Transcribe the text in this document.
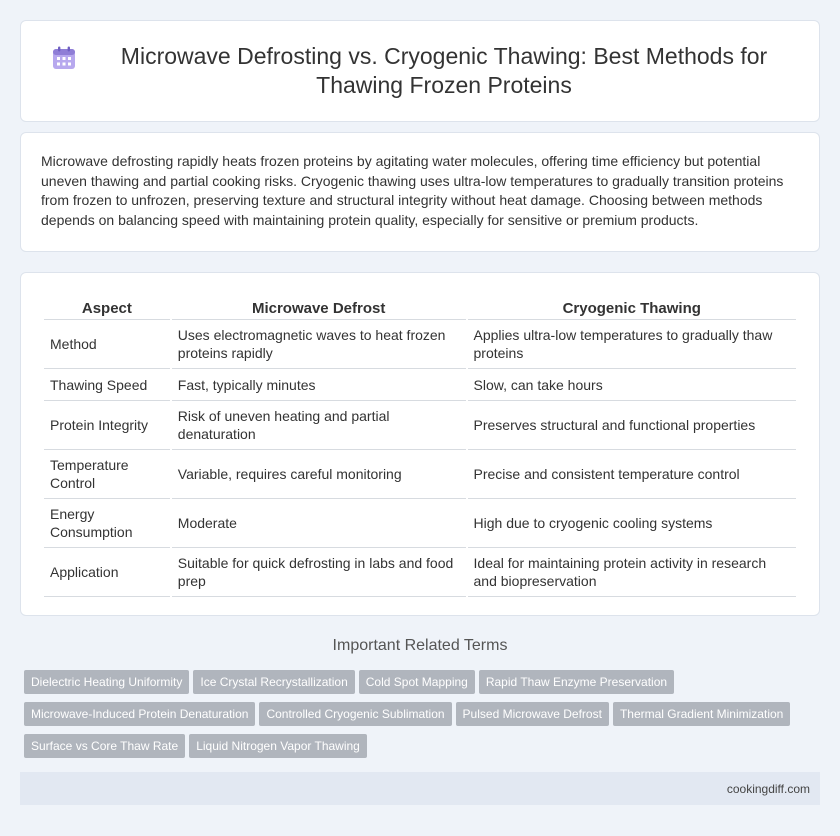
Microwave Defrosting vs. Cryogenic Thawing: Best Methods for Thawing Frozen Proteins

Microwave defrosting rapidly heats frozen proteins by agitating water molecules, offering time efficiency but potential uneven thawing and partial cooking risks. Cryogenic thawing uses ultra-low temperatures to gradually transition proteins from frozen to unfrozen, preserving texture and structural integrity without heat damage. Choosing between methods depends on balancing speed with maintaining protein quality, especially for sensitive or premium products.

Aspect	Microwave Defrost	Cryogenic Thawing
Method	Uses electromagnetic waves to heat frozen proteins rapidly	Applies ultra-low temperatures to gradually thaw proteins
Thawing Speed	Fast, typically minutes	Slow, can take hours
Protein Integrity	Risk of uneven heating and partial denaturation	Preserves structural and functional properties
Temperature Control	Variable, requires careful monitoring	Precise and consistent temperature control
Energy Consumption	Moderate	High due to cryogenic cooling systems
Application	Suitable for quick defrosting in labs and food prep	Ideal for maintaining protein activity in research and biopreservation
Important Related Terms
Dielectric Heating Uniformity Ice Crystal Recrystallization Cold Spot Mapping Rapid Thaw Enzyme Preservation
Microwave-Induced Protein Denaturation Controlled Cryogenic Sublimation Pulsed Microwave Defrost Thermal Gradient Minimization
Surface vs Core Thaw Rate Liquid Nitrogen Vapor Thawing
cookingdiff.com
